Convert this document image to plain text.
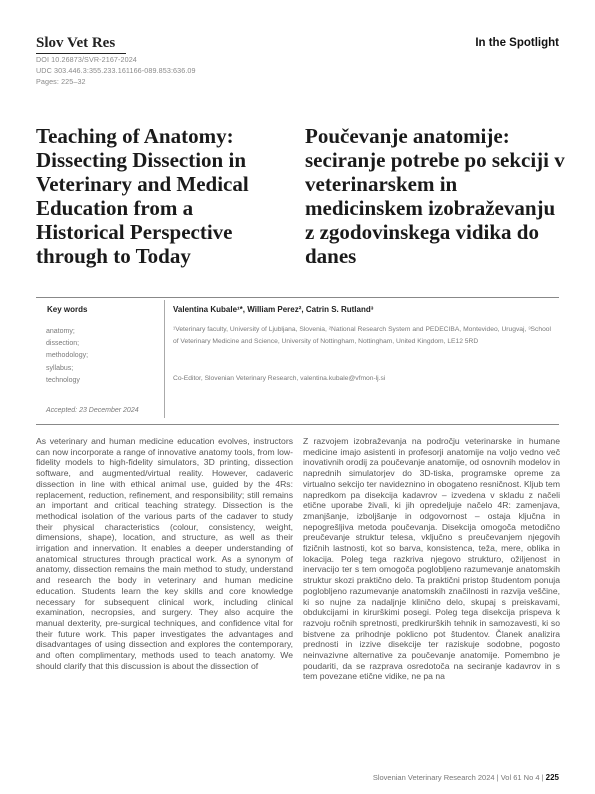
Slov Vet Res	In the Spotlight
DOI 10.26873/SVR-2167-2024
UDC 303.446.3:355.233.161166-089.853:636.09
Pages: 225–32
Teaching of Anatomy: Dissecting Dissection in Veterinary and Medical Education from a Historical Perspective through to Today
Poučevanje anatomije: seciranje potrebe po sekciji v veterinarskem in medicinskem izobraževanju z zgodovinskega vidika do danes
Key words
anatomy;
dissection;
methodology;
syllabus;
technology
Accepted: 23 December 2024
Valentina Kubale¹*, William Perez², Catrin S. Rutland³
¹Veterinary faculty, University of Ljubljana, Slovenia, ²National Research System and PEDECIBA, Montevideo, Urugvaj, ³School of Veterinary Medicine and Science, University of Nottingham, Nottingham, United Kingdom, LE12 5RD
Co-Editor, Slovenian Veterinary Research, valentina.kubale@vfmon-lj.si

As veterinary and human medicine education evolves, instructors can now incorporate a range of innovative anatomy tools, from low-fidelity models to high-fidelity simulators, 3D printing, dissection software, and augmented/virtual reality. However, cadaveric dissection in line with ethical animal use, guided by the 4Rs: replacement, reduction, refinement, and responsibility; still remains an important and critical teaching strategy. Dissection is the methodical isolation of the various parts of the cadaver to study their physical characteristics (colour, consistency, weight, dimensions, shape), location, and structure, as well as their irrigation and innervation. It enables a deeper understanding of anatomical structures through practical work. As a synonym of anatomy, dissection remains the main method to study, understand and research the body in veterinary and human medicine education. Students learn the key skills and core knowledge necessary for subsequent clinical work, including clinical examination, necropsies, and surgery. They also acquire the manual dexterity, pre-surgical techniques, and confidence vital for their future work. This paper investigates the advantages and disadvantages of using dissection and explores the contemporary, and often complimentary, methods used to teach anatomy. We should clarify that this discussion is about the dissection of

Z razvojem izobraževanja na področju veterinarske in humane medicine imajo asistenti in profesorji anatomije na voljo vedno več inovativnih orodij za poučevanje anatomije, od osnovnih modelov in naprednih simulatorjev do 3D-tiska, programske opreme za virtualno sekcijo ter navideznino in obogateno resničnost. Kljub tem napredkom pa disekcija kadavrov – izvedena v skladu z načeli etične uporabe živali, ki jih opredeljuje načelo 4R: zamenjava, zmanjšanje, izboljšanje in odgovornost – ostaja ključna in nepogrešljiva metoda poučevanja. Disekcija omogoča metodično preučevanje struktur telesa, vključno s preučevanjem njegovih fizičnih lastnosti, kot so barva, konsistenca, teža, mere, oblika in lokacija. Poleg tega razkriva njegovo strukturo, ožiljenost in inervacijo ter s tem omogoča poglobljeno razumevanje anatomskih struktur skozi praktično delo. Ta praktični pristop študentom ponuja poglobljeno razumevanje anatomskih značilnosti in razvija veščine, ki so nujne za nadaljnje klinično delo, skupaj s preiskavami, obdukcijami in kirurškimi posegi. Poleg tega disekcija prispeva k razvoju ročnih spretnosti, predkirurških tehnik in samozavesti, ki so bistvene za prihodnje poklicno pot študentov. Članek analizira prednosti in izzive disekcije ter raziskuje sodobne, pogosto neinvazivne alternative za poučevanje anatomije. Pomembno je poudariti, da se razprava osredotoča na seciranje kadavrov in s tem povezane etične vidike, ne pa na

Slovenian Veterinary Research 2024 | Vol 61 No 4 | 225
